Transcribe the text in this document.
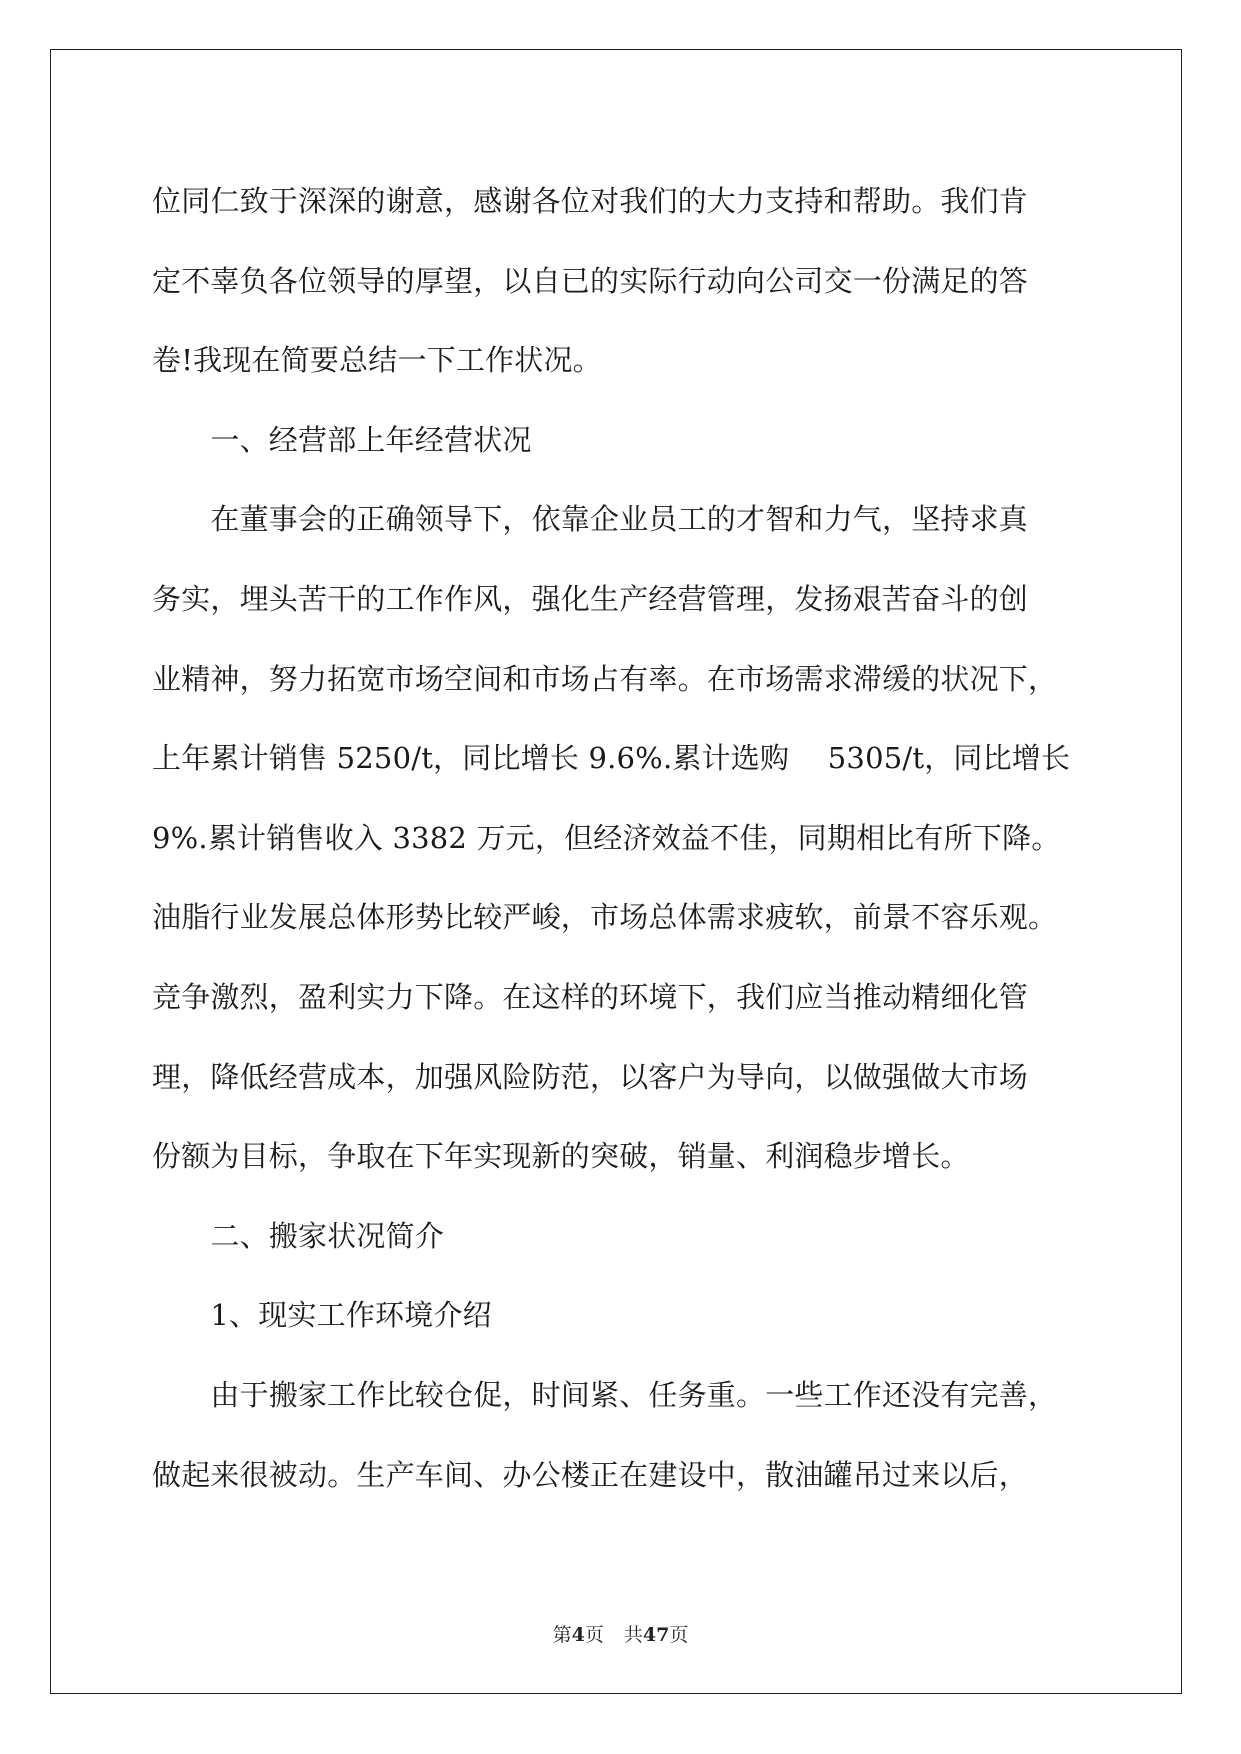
位同仁致于深深的谢意，感谢各位对我们的大力支持和帮助。我们肯
定不辜负各位领导的厚望，以自已的实际行动向公司交一份满足的答
卷!我现在简要总结一下工作状况。
　　一、经营部上年经营状况
　　在董事会的正确领导下，依靠企业员工的才智和力气，坚持求真
务实，埋头苦干的工作作风，强化生产经营管理，发扬艰苦奋斗的创
业精神，努力拓宽市场空间和市场占有率。在市场需求滞缓的状况下，
上年累计销售 5250/t，同比增长 9.6%.累计选购　 5305/t，同比增长
9%.累计销售收入 3382 万元，但经济效益不佳，同期相比有所下降。
油脂行业发展总体形势比较严峻，市场总体需求疲软，前景不容乐观。
竞争激烈，盈利实力下降。在这样的环境下，我们应当推动精细化管
理，降低经营成本，加强风险防范，以客户为导向，以做强做大市场
份额为目标，争取在下年实现新的突破，销量、利润稳步增长。
　　二、搬家状况简介
　　1、现实工作环境介绍
　　由于搬家工作比较仓促，时间紧、任务重。一些工作还没有完善，
做起来很被动。生产车间、办公楼正在建设中，散油罐吊过来以后，
第4页 共47页
